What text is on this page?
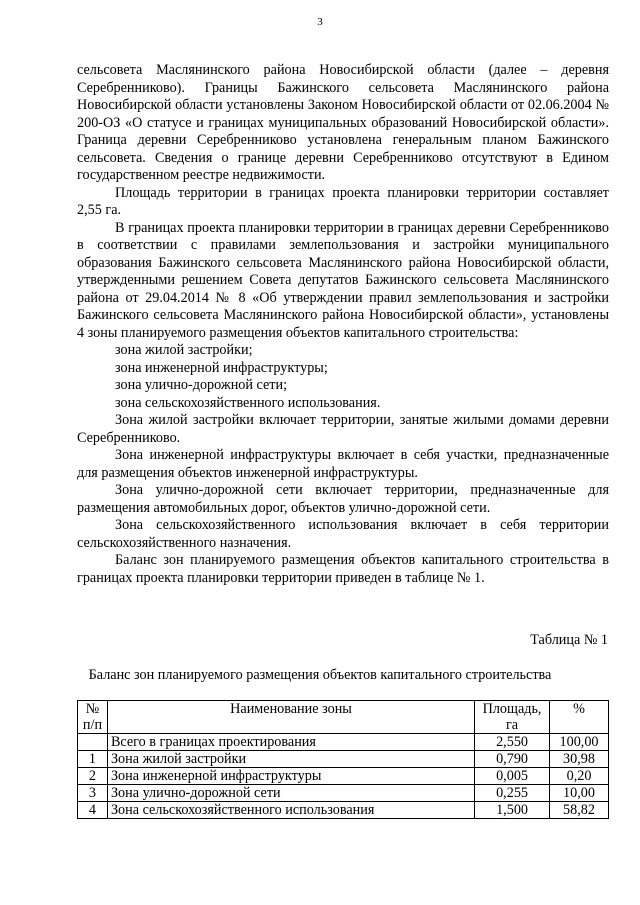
3

сельсовета Маслянинского района Новосибирской области (далее – деревня Серебренниково). Границы Бажинского сельсовета Маслянинского района Новосибирской области установлены Законом Новосибирской области от 02.06.2004 № 200-ОЗ «О статусе и границах муниципальных образований Новосибирской области». Граница деревни Серебренниково установлена генеральным планом Бажинского сельсовета. Сведения о границе деревни Серебренниково отсутствуют в Едином государственном реестре недвижимости.

Площадь территории в границах проекта планировки территории составляет 2,55 га.

В границах проекта планировки территории в границах деревни Серебренниково в соответствии с правилами землепользования и застройки муниципального образования Бажинского сельсовета Маслянинского района Новосибирской области, утвержденными решением Совета депутатов Бажинского сельсовета Маслянинского района от 29.04.2014 № 8 «Об утверждении правил землепользования и застройки Бажинского сельсовета Маслянинского района Новосибирской области», установлены 4 зоны планируемого размещения объектов капитального строительства:

зона жилой застройки;

зона инженерной инфраструктуры;

зона улично-дорожной сети;

зона сельскохозяйственного использования.

Зона жилой застройки включает территории, занятые жилыми домами деревни Серебренниково.

Зона инженерной инфраструктуры включает в себя участки, предназначенные для размещения объектов инженерной инфраструктуры.

Зона улично-дорожной сети включает территории, предназначенные для размещения автомобильных дорог, объектов улично-дорожной сети.

Зона сельскохозяйственного использования включает в себя территории сельскохозяйственного назначения.

Баланс зон планируемого размещения объектов капитального строительства в границах проекта планировки территории приведен в таблице № 1.

Таблица № 1
Баланс зон планируемого размещения объектов капитального строительства
№ п/п	Наименование зоны	Площадь, га	%
	Всего в границах проектирования	2,550	100,00
1	Зона жилой застройки	0,790	30,98
2	Зона инженерной инфраструктуры	0,005	0,20
3	Зона улично-дорожной сети	0,255	10,00
4	Зона сельскохозяйственного использования	1,500	58,82
